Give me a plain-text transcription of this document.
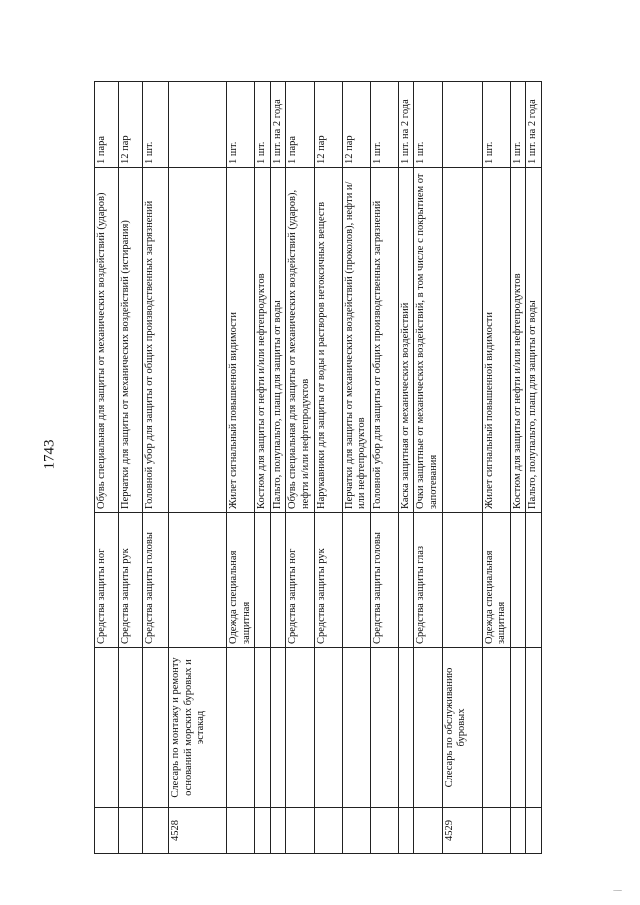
1743
		Средства защиты ног	Обувь специальная для защиты от механических воздействий (ударов)	1 пара
		Средства защиты рук	Перчатки для защиты от механических воздействий (истирания)	12 пар
		Средства защиты головы	Головной убор для защиты от общих производственных загрязнений	1 шт.
4528	Слесарь по монтажу и ремонту оснований морских буровых и эстакад			
		Одежда специальная защитная	Жилет сигнальный повышенной видимости	1 шт.
			Костюм для защиты от нефти и/или нефтепродуктов	1 шт.
			Пальто, полупальто, плащ для защиты от воды	1 шт. на 2 года
		Средства защиты ног	Обувь специальная для защиты от механических воздействий (ударов), нефти и/или нефтепродуктов	1 пара
		Средства защиты рук	Нарукавники для защиты от воды и растворов нетоксичных веществ	12 пар
			Перчатки для защиты от механических воздействий (проколов), нефти и/или нефтепродуктов	12 пар
		Средства защиты головы	Головной убор для защиты от общих производственных загрязнений	1 шт.
			Каска защитная от механических воздействий	1 шт. на 2 года
		Средства защиты глаз	Очки защитные от механических воздействий, в том числе с покрытием от запотевания	1 шт.
4529	Слесарь по обслуживанию буровых			
		Одежда специальная защитная	Жилет сигнальный повышенной видимости	1 шт.
			Костюм для защиты от нефти и/или нефтепродуктов	1 шт.
			Пальто, полупальто, плащ для защиты от воды	1 шт. на 2 года
\
